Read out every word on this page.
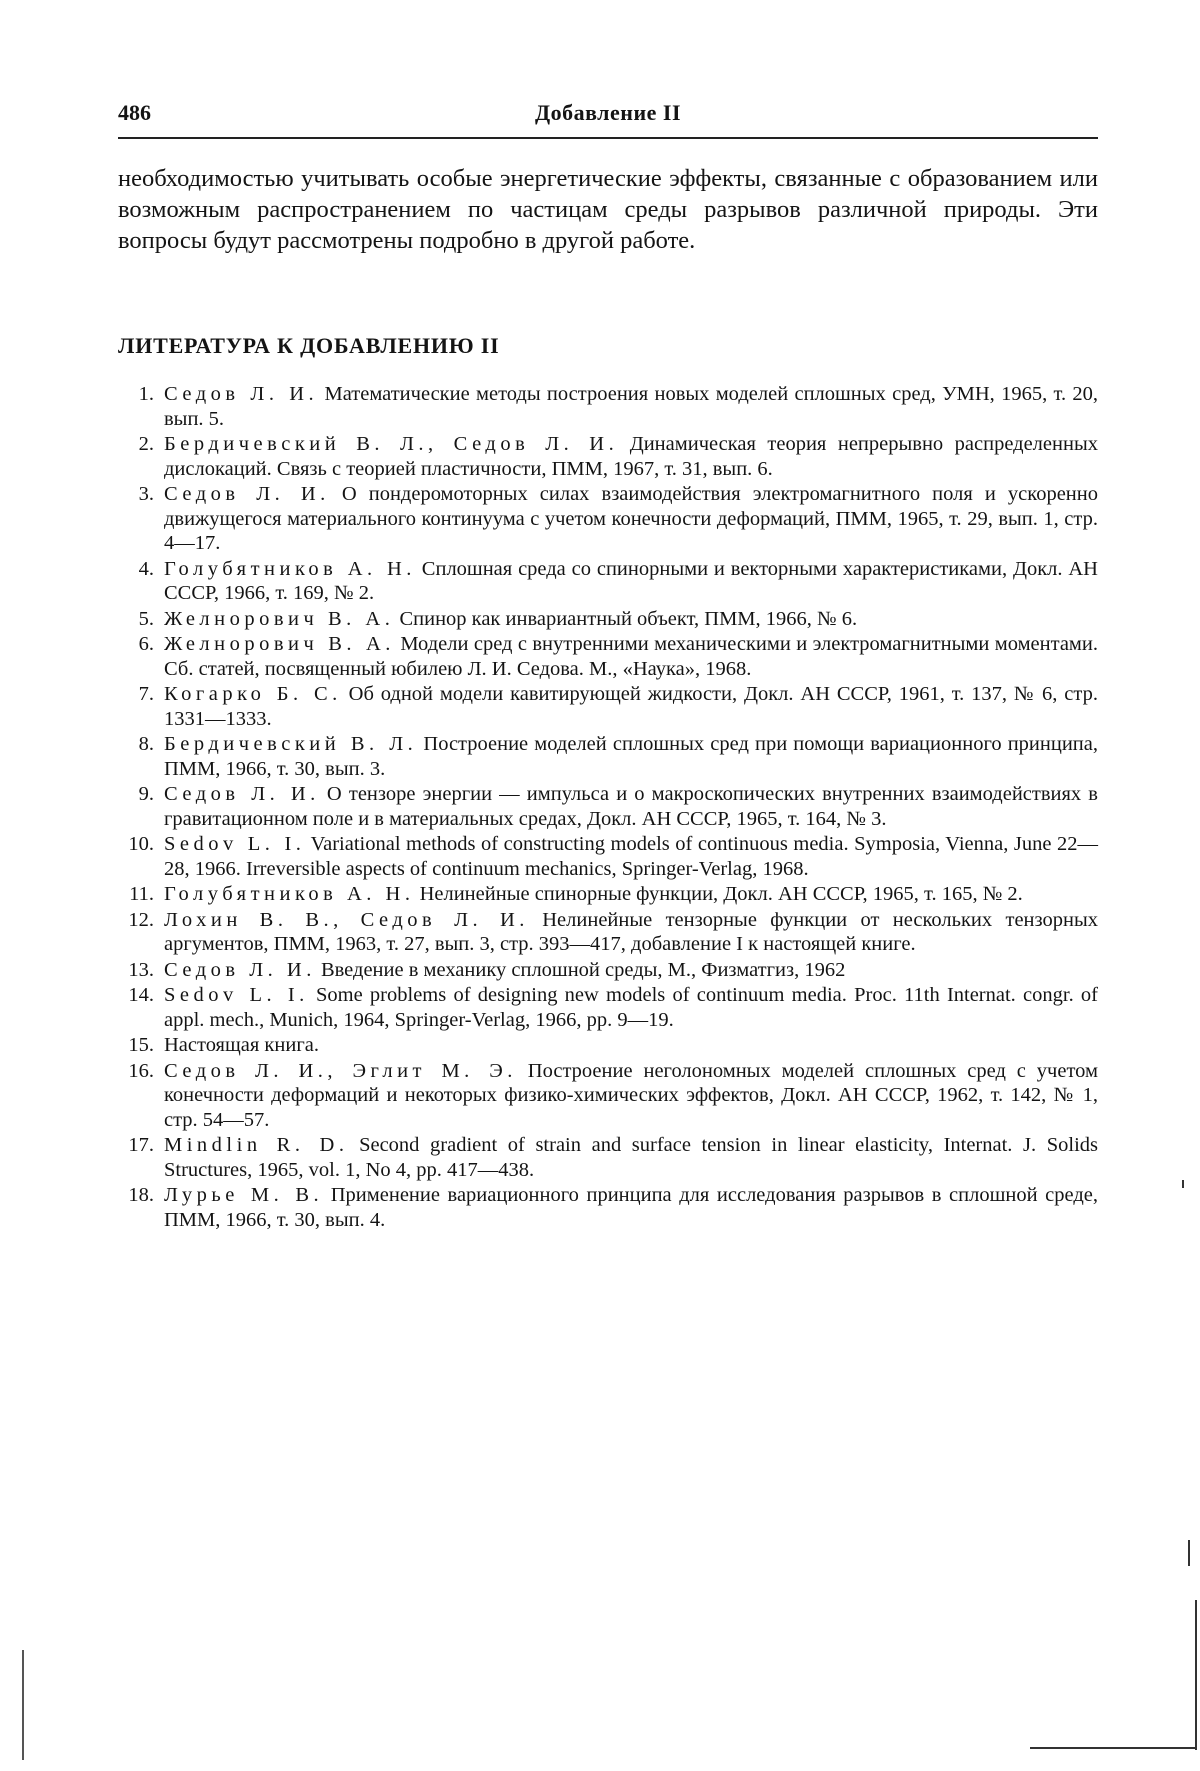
486	Добавление II

необходимостью учитывать особые энергетические эффекты, связанные с образованием или возможным распространением по частицам среды разрывов различной природы. Эти вопросы будут рассмотрены подробно в другой работе.

ЛИТЕРАТУРА К ДОБАВЛЕНИЮ II
1. Седов Л. И. Математические методы построения новых моделей сплошных сред, УМН, 1965, т. 20, вып. 5.
2. Бердичевский В. Л., Седов Л. И. Динамическая теория непрерывно распределенных дислокаций. Связь с теорией пластичности, ПММ, 1967, т. 31, вып. 6.
3. Седов Л. И. О пондеромоторных силах взаимодействия электромагнитного поля и ускоренно движущегося материального континуума с учетом конечности деформаций, ПММ, 1965, т. 29, вып. 1, стр. 4—17.
4. Голубятников А. Н. Сплошная среда со спинорными и векторными характеристиками, Докл. АН СССР, 1966, т. 169, № 2.
5. Желнорович В. А. Спинор как инвариантный объект, ПММ, 1966, № 6.
6. Желнорович В. А. Модели сред с внутренними механическими и электромагнитными моментами. Сб. статей, посвященный юбилею Л. И. Седова. М., «Наука», 1968.
7. Когарко Б. С. Об одной модели кавитирующей жидкости, Докл. АН СССР, 1961, т. 137, № 6, стр. 1331—1333.
8. Бердичевский В. Л. Построение моделей сплошных сред при помощи вариационного принципа, ПММ, 1966, т. 30, вып. 3.
9. Седов Л. И. О тензоре энергии — импульса и о макроскопических внутренних взаимодействиях в гравитационном поле и в материальных средах, Докл. АН СССР, 1965, т. 164, № 3.
10. Sedov L. I. Variational methods of constructing models of continuous media. Symposia, Vienna, June 22—28, 1966. Irreversible aspects of continuum mechanics, Springer-Verlag, 1968.
11. Голубятников А. Н. Нелинейные спинорные функции, Докл. АН СССР, 1965, т. 165, № 2.
12. Лохин В. В., Седов Л. И. Нелинейные тензорные функции от нескольких тензорных аргументов, ПММ, 1963, т. 27, вып. 3, стр. 393—417, добавление I к настоящей книге.
13. Седов Л. И. Введение в механику сплошной среды, М., Физматгиз, 1962
14. Sedov L. I. Some problems of designing new models of continuum media. Proc. 11th Internat. congr. of appl. mech., Munich, 1964, Springer-Verlag, 1966, pp. 9—19.
15. Настоящая книга.
16. Седов Л. И., Эглит М. Э. Построение неголономных моделей сплошных сред с учетом конечности деформаций и некоторых физико-химических эффектов, Докл. АН СССР, 1962, т. 142, № 1, стр. 54—57.
17. Mindlin R. D. Second gradient of strain and surface tension in linear elasticity, Internat. J. Solids Structures, 1965, vol. 1, No 4, pp. 417—438.
18. Лурье М. В. Применение вариационного принципа для исследования разрывов в сплошной среде, ПММ, 1966, т. 30, вып. 4.
